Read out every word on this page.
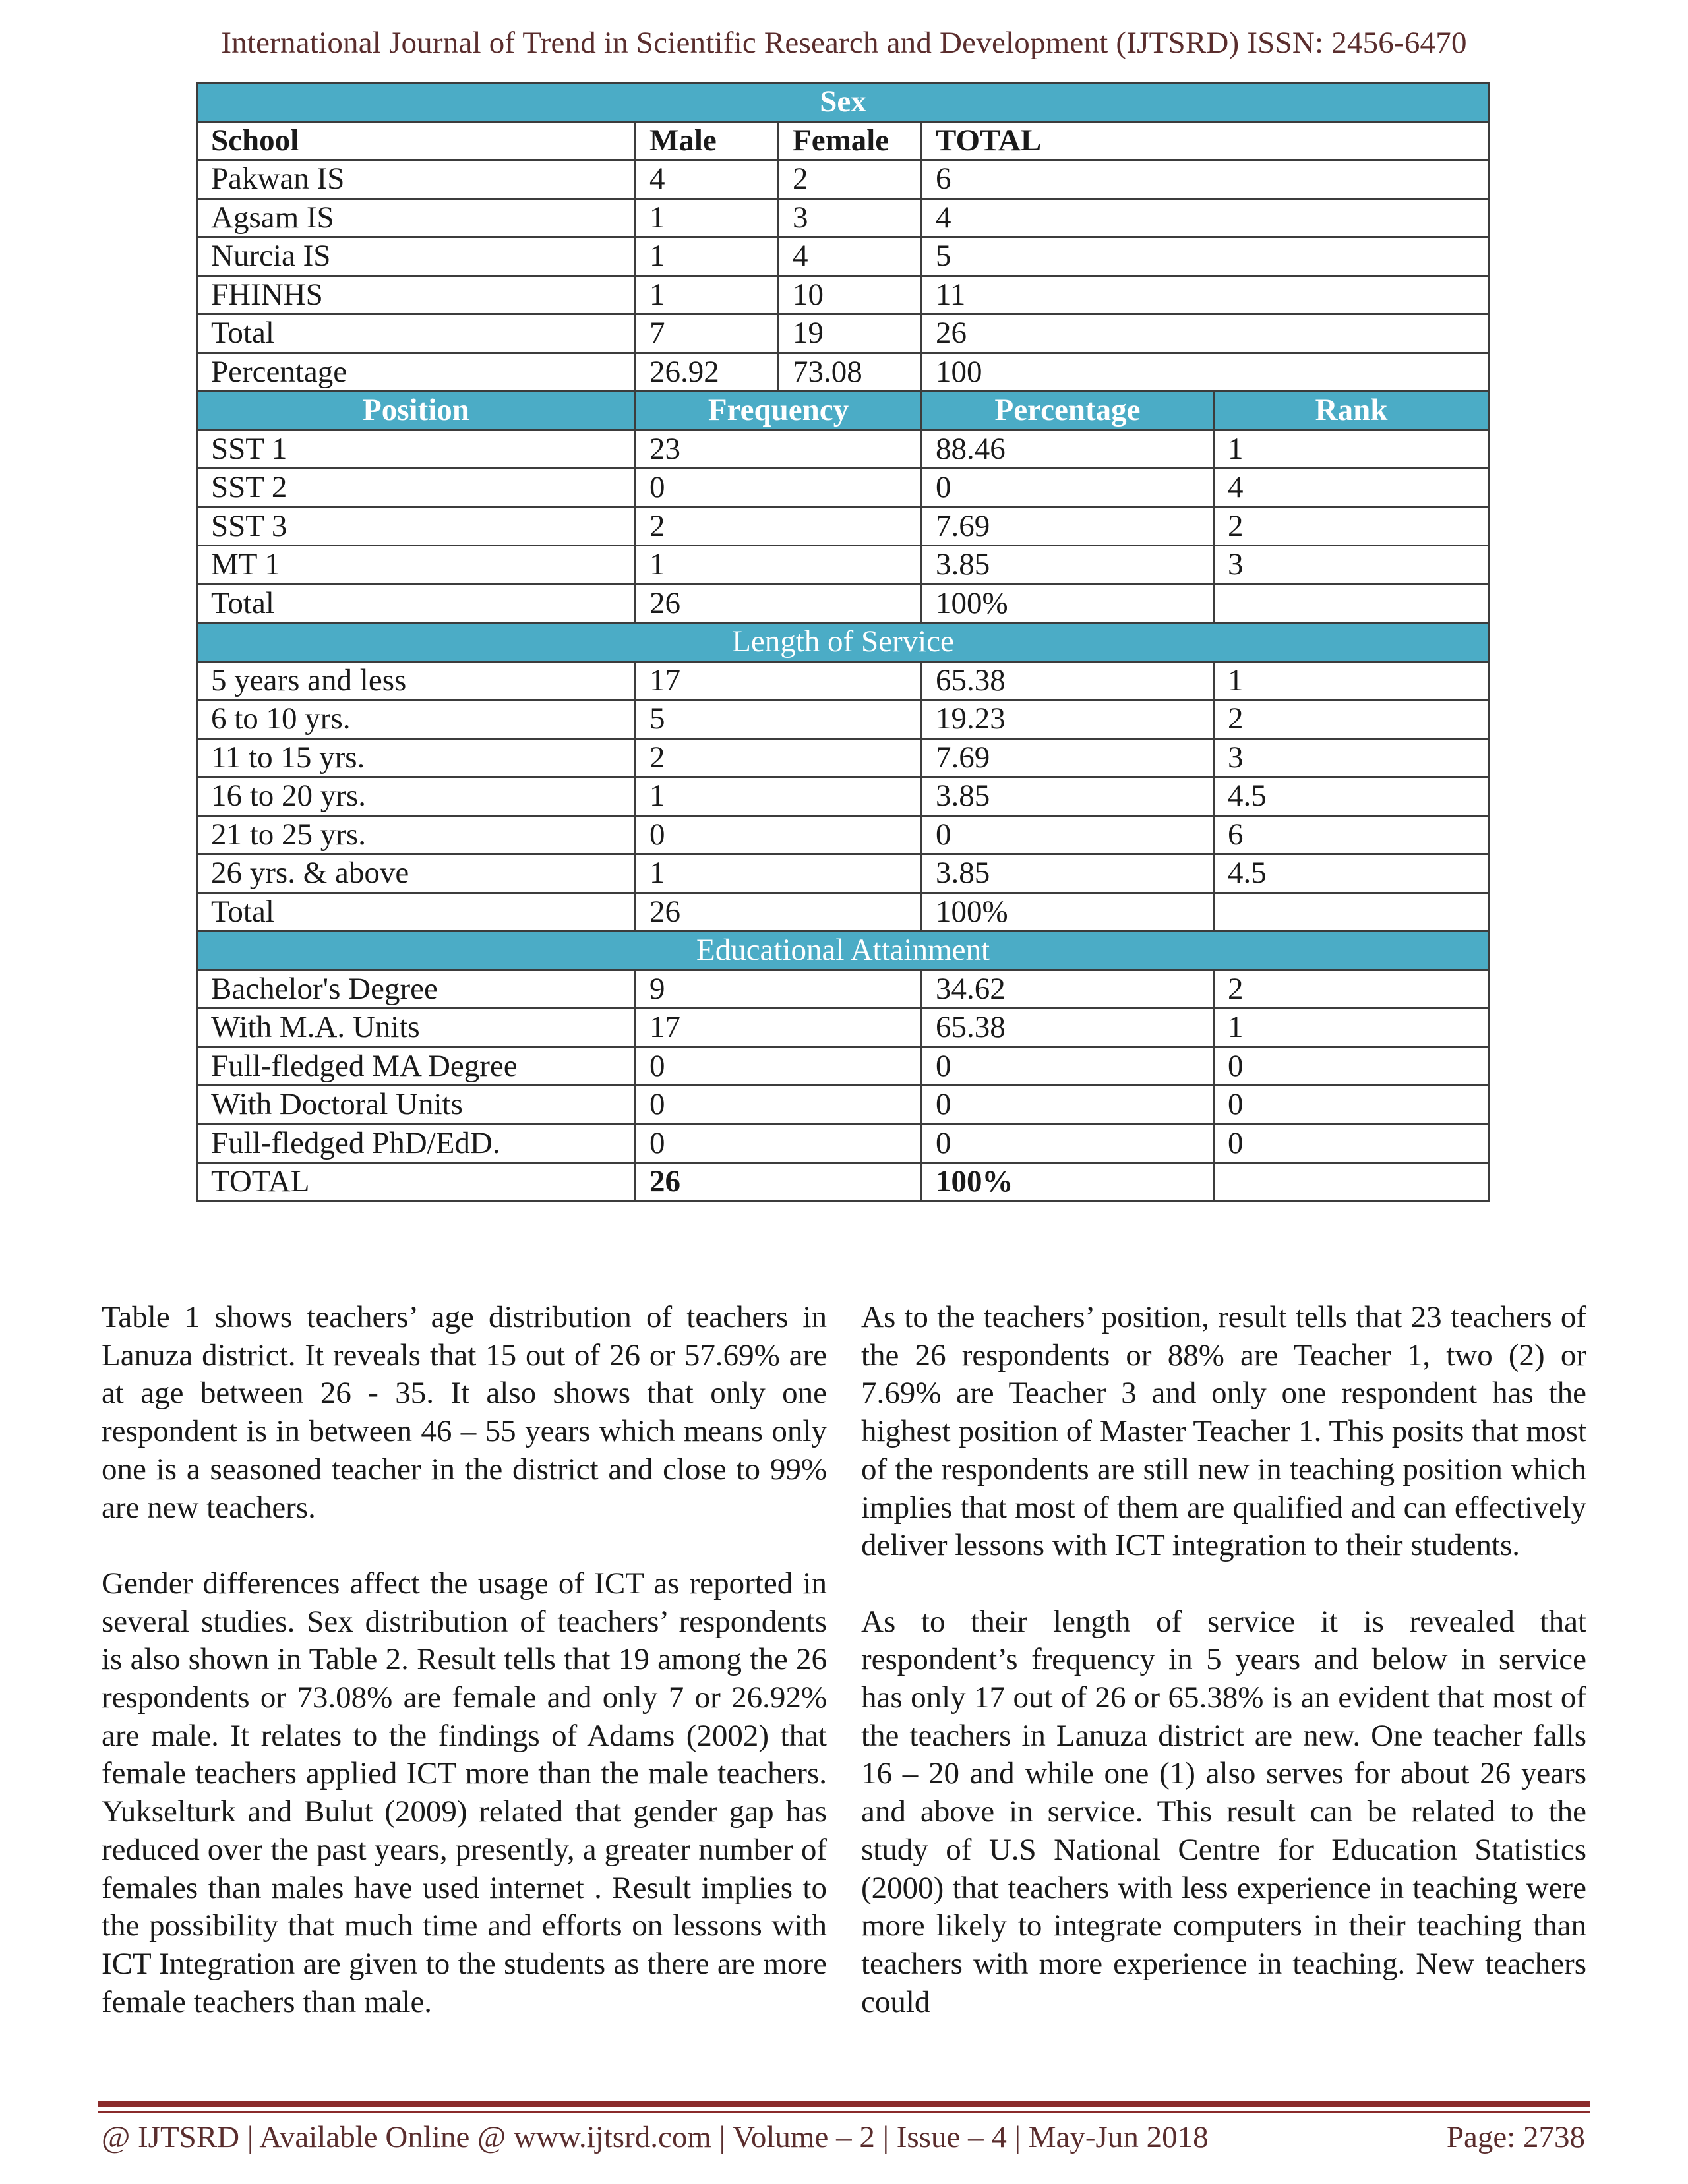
International Journal of Trend in Scientific Research and Development (IJTSRD) ISSN: 2456-6470
Sex				
School	Male	Female	TOTAL	
Pakwan IS	4	2	6	
Agsam IS	1	3	4	
Nurcia IS	1	4	5	
FHINHS	1	10	11	
Total	7	19	26	
Percentage	26.92	73.08	100	
Position	Frequency		Percentage	Rank
SST 1	23		88.46	1
SST 2	0		0	4
SST 3	2		7.69	2
MT 1	1		3.85	3
Total	26		100%	
Length of Service				
5 years and less	17		65.38	1
6 to 10 yrs.	5		19.23	2
11 to 15 yrs.	2		7.69	3
16 to 20 yrs.	1		3.85	4.5
21 to 25 yrs.	0		0	6
26 yrs. & above	1		3.85	4.5
Total	26		100%	
Educational Attainment				
Bachelor's Degree	9		34.62	2
With M.A. Units	17		65.38	1
Full-fledged MA Degree	0		0	0
With Doctoral Units	0		0	0
Full-fledged PhD/EdD.	0		0	0
TOTAL	26		100%	

Table 1 shows teachers’ age distribution of teachers in Lanuza district. It reveals that 15 out of 26 or 57.69% are at age between 26 - 35. It also shows that only one respondent is in between 46 – 55 years which means only one is a seasoned teacher in the district and close to 99% are new teachers.

Gender differences affect the usage of ICT as reported in several studies. Sex distribution of teachers’ respondents is also shown in Table 2. Result tells that 19 among the 26 respondents or 73.08% are female and only 7 or 26.92% are male. It relates to the findings of Adams (2002) that female teachers applied ICT more than the male teachers. Yukselturk and Bulut (2009) related that gender gap has reduced over the past years, presently, a greater number of females than males have used internet . Result implies to the possibility that much time and efforts on lessons with ICT Integration are given to the students as there are more female teachers than male.

As to the teachers’ position, result tells that 23 teachers of the 26 respondents or 88% are Teacher 1, two (2) or 7.69% are Teacher 3 and only one respondent has the highest position of Master Teacher 1. This posits that most of the respondents are still new in teaching position which implies that most of them are qualified and can effectively deliver lessons with ICT integration to their students.

As to their length of service it is revealed that respondent’s frequency in 5 years and below in service has only 17 out of 26 or 65.38% is an evident that most of the teachers in Lanuza district are new. One teacher falls 16 – 20 and while one (1) also serves for about 26 years and above in service. This result can be related to the study of U.S National Centre for Education Statistics (2000) that teachers with less experience in teaching were more likely to integrate computers in their teaching than teachers with more experience in teaching. New teachers could

@ IJTSRD | Available Online @ www.ijtsrd.com | Volume – 2 | Issue – 4 | May-Jun 2018	Page: 2738
